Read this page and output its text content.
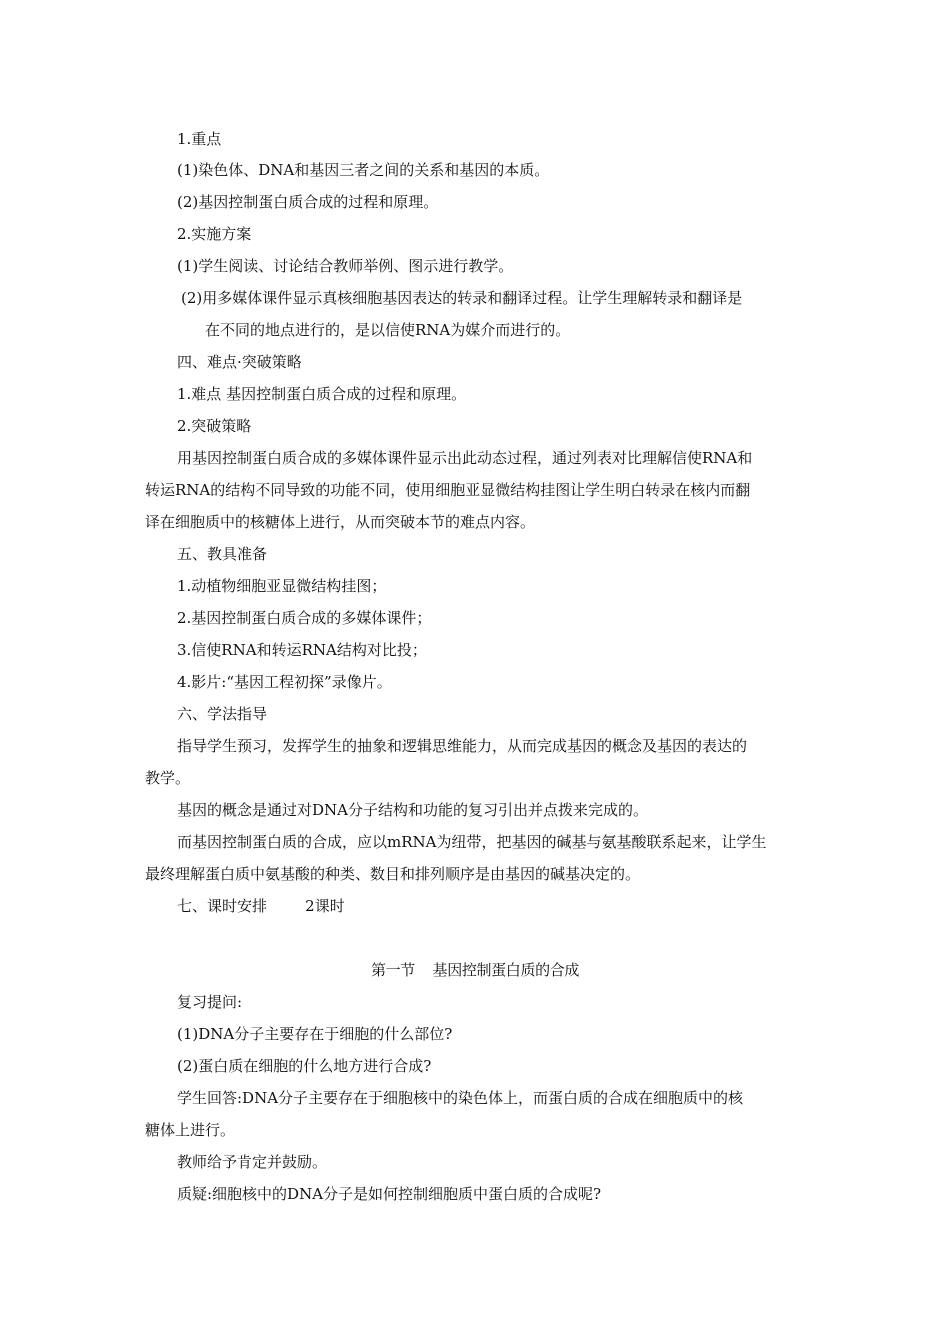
1.重点
(1)染色体、DNA和基因三者之间的关系和基因的本质。
(2)基因控制蛋白质合成的过程和原理。
2.实施方案
(1)学生阅读、讨论结合教师举例、图示进行教学。
(2)用多媒体课件显示真核细胞基因表达的转录和翻译过程。让学生理解转录和翻译是
在不同的地点进行的，是以信使RNA为媒介而进行的。
四、难点·突破策略
1.难点 基因控制蛋白质合成的过程和原理。
2.突破策略
用基因控制蛋白质合成的多媒体课件显示出此动态过程，通过列表对比理解信使RNA和
转运RNA的结构不同导致的功能不同，使用细胞亚显微结构挂图让学生明白转录在核内而翻
译在细胞质中的核糖体上进行，从而突破本节的难点内容。
五、教具准备
1.动植物细胞亚显微结构挂图；
2.基因控制蛋白质合成的多媒体课件；
3.信使RNA和转运RNA结构对比投；
4.影片:“基因工程初探”录像片。
六、学法指导
指导学生预习，发挥学生的抽象和逻辑思维能力，从而完成基因的概念及基因的表达的
教学。
基因的概念是通过对DNA分子结构和功能的复习引出并点拨来完成的。
而基因控制蛋白质的合成，应以mRNA为纽带，把基因的碱基与氨基酸联系起来，让学生
最终理解蛋白质中氨基酸的种类、数目和排列顺序是由基因的碱基决定的。
七、课时安排        2课时
第一节    基因控制蛋白质的合成
复习提问:
(1)DNA分子主要存在于细胞的什么部位?
(2)蛋白质在细胞的什么地方进行合成?
学生回答:DNA分子主要存在于细胞核中的染色体上，而蛋白质的合成在细胞质中的核
糖体上进行。
教师给予肯定并鼓励。
质疑:细胞核中的DNA分子是如何控制细胞质中蛋白质的合成呢?
